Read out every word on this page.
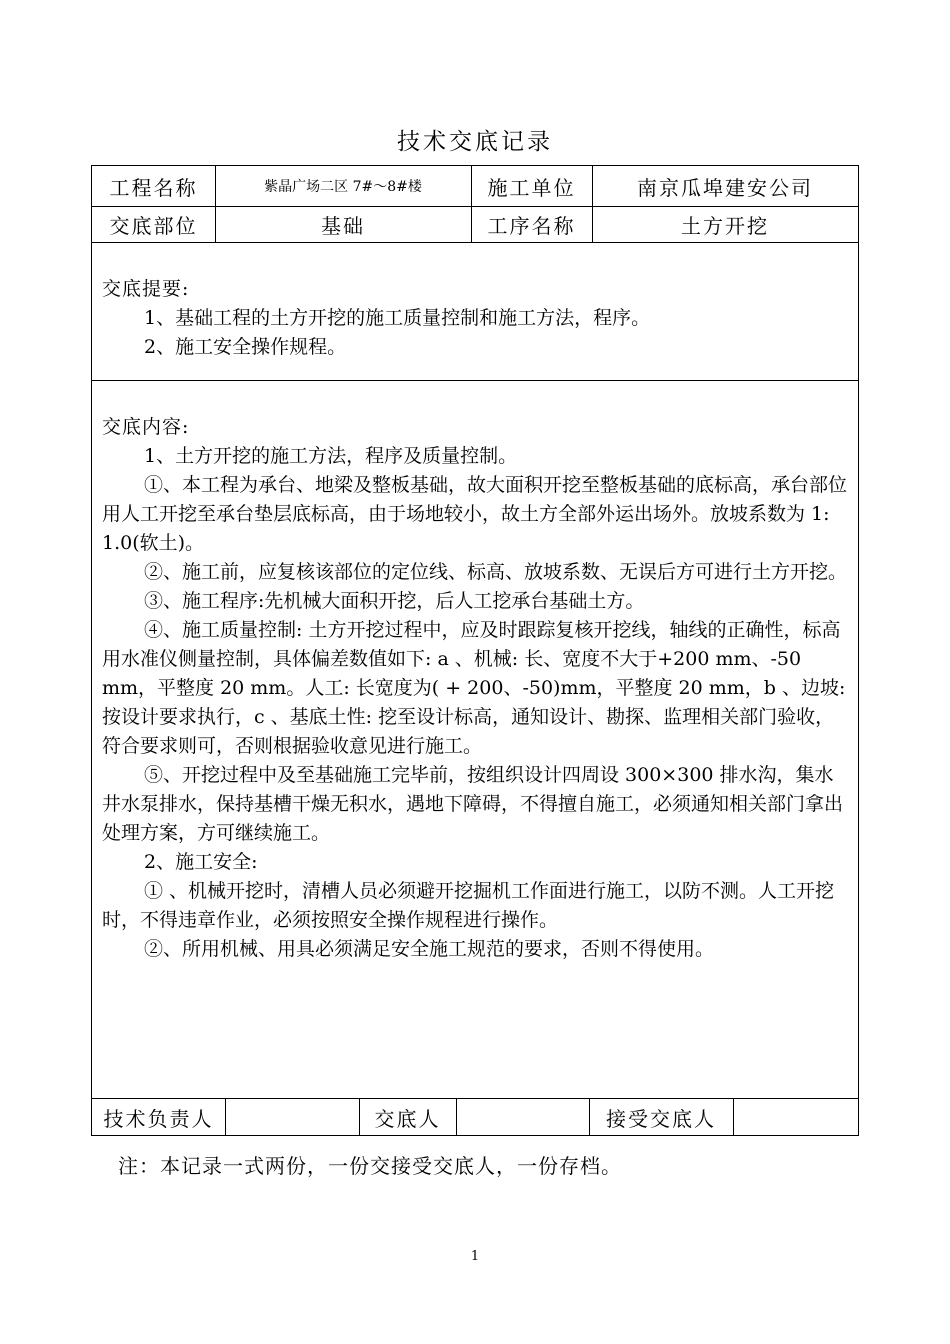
技术交底记录
工程名称	紫晶广场二区 7#～8#楼	施工单位	南京瓜埠建安公司
交底部位	基础	工序名称	土方开挖

交底提要:

1、基础工程的土方开挖的施工质量控制和施工方法，程序。

2、施工安全操作规程。

交底内容:

1、土方开挖的施工方法，程序及质量控制。

①、本工程为承台、地梁及整板基础，故大面积开挖至整板基础的底标高，承台部位用人工开挖至承台垫层底标高，由于场地较小，故土方全部外运出场外。放坡系数为 1: 1.0(软土)。

②、施工前，应复核该部位的定位线、标高、放坡系数、无误后方可进行土方开挖。

③、施工程序:先机械大面积开挖，后人工挖承台基础土方。

④、施工质量控制: 土方开挖过程中，应及时跟踪复核开挖线，轴线的正确性，标高用水准仪侧量控制，具体偏差数值如下: a 、机械: 长、宽度不大于+200 mm、-50 mm，平整度 20 mm。人工: 长宽度为( + 200、-50)mm，平整度 20 mm，b 、边坡: 按设计要求执行，c 、基底土性: 挖至设计标高，通知设计、勘探、监理相关部门验收，符合要求则可，否则根据验收意见进行施工。

⑤、开挖过程中及至基础施工完毕前，按组织设计四周设 300×300 排水沟，集水井水泵排水，保持基槽干燥无积水，遇地下障碍，不得擅自施工，必须通知相关部门拿出处理方案，方可继续施工。

2、施工安全:

① 、机械开挖时，清槽人员必须避开挖掘机工作面进行施工，以防不测。人工开挖时，不得违章作业，必须按照安全操作规程进行操作。

②、所用机械、用具必须满足安全施工规范的要求，否则不得使用。

技术负责人	交底人	接受交底人
注：本记录一式两份，一份交接受交底人，一份存档。
1
